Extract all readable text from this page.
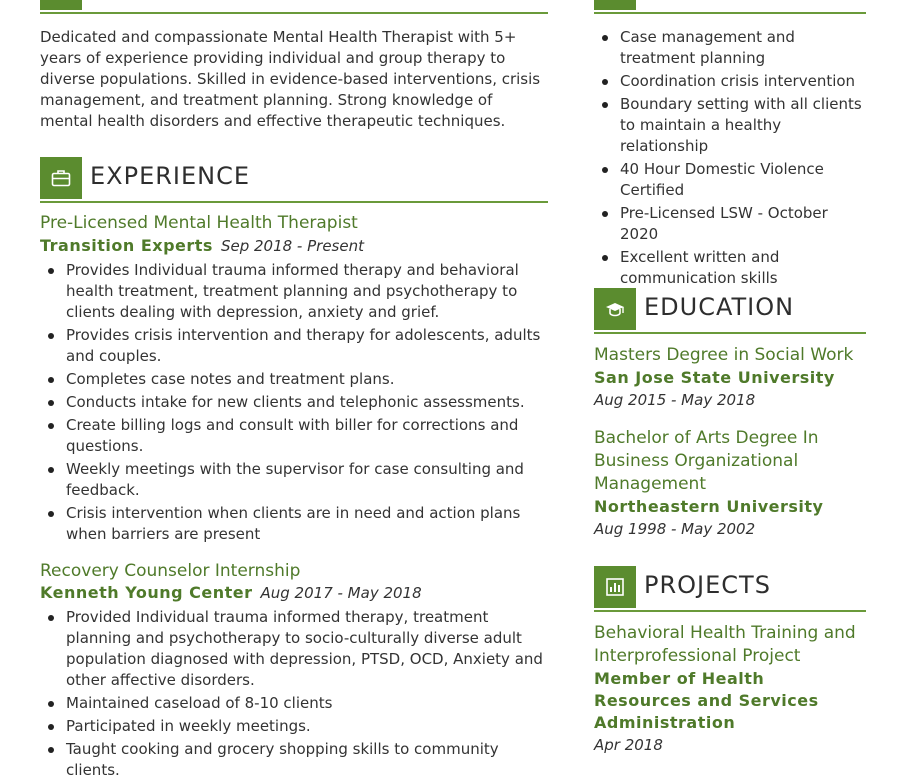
Dedicated and compassionate Mental Health Therapist with 5+ years of experience providing individual and group therapy to diverse populations. Skilled in evidence-based interventions, crisis management, and treatment planning. Strong knowledge of mental health disorders and effective therapeutic techniques.

EXPERIENCE
Pre-Licensed Mental Health Therapist
Transition Experts Sep 2018 - Present
Provides Individual trauma informed therapy and behavioral health treatment, treatment planning and psychotherapy to clients dealing with depression, anxiety and grief.
Provides crisis intervention and therapy for adolescents, adults and couples.
Completes case notes and treatment plans.
Conducts intake for new clients and telephonic assessments.
Create billing logs and consult with biller for corrections and questions.
Weekly meetings with the supervisor for case consulting and feedback.
Crisis intervention when clients are in need and action plans when barriers are present
Recovery Counselor Internship
Kenneth Young Center Aug 2017 - May 2018
Provided Individual trauma informed therapy, treatment planning and psychotherapy to socio-culturally diverse adult population diagnosed with depression, PTSD, OCD, Anxiety and other affective disorders.
Maintained caseload of 8-10 clients
Participated in weekly meetings.
Taught cooking and grocery shopping skills to community clients.
Case management and treatment planning
Coordination crisis intervention
Boundary setting with all clients to maintain a healthy relationship
40 Hour Domestic Violence Certified
Pre-Licensed LSW - October 2020
Excellent written and communication skills
EDUCATION
Masters Degree in Social Work
San Jose State University
Aug 2015 - May 2018
Bachelor of Arts Degree In Business Organizational Management
Northeastern University
Aug 1998 - May 2002
PROJECTS
Behavioral Health Training and Interprofessional Project
Member of Health Resources and Services Administration
Apr 2018
